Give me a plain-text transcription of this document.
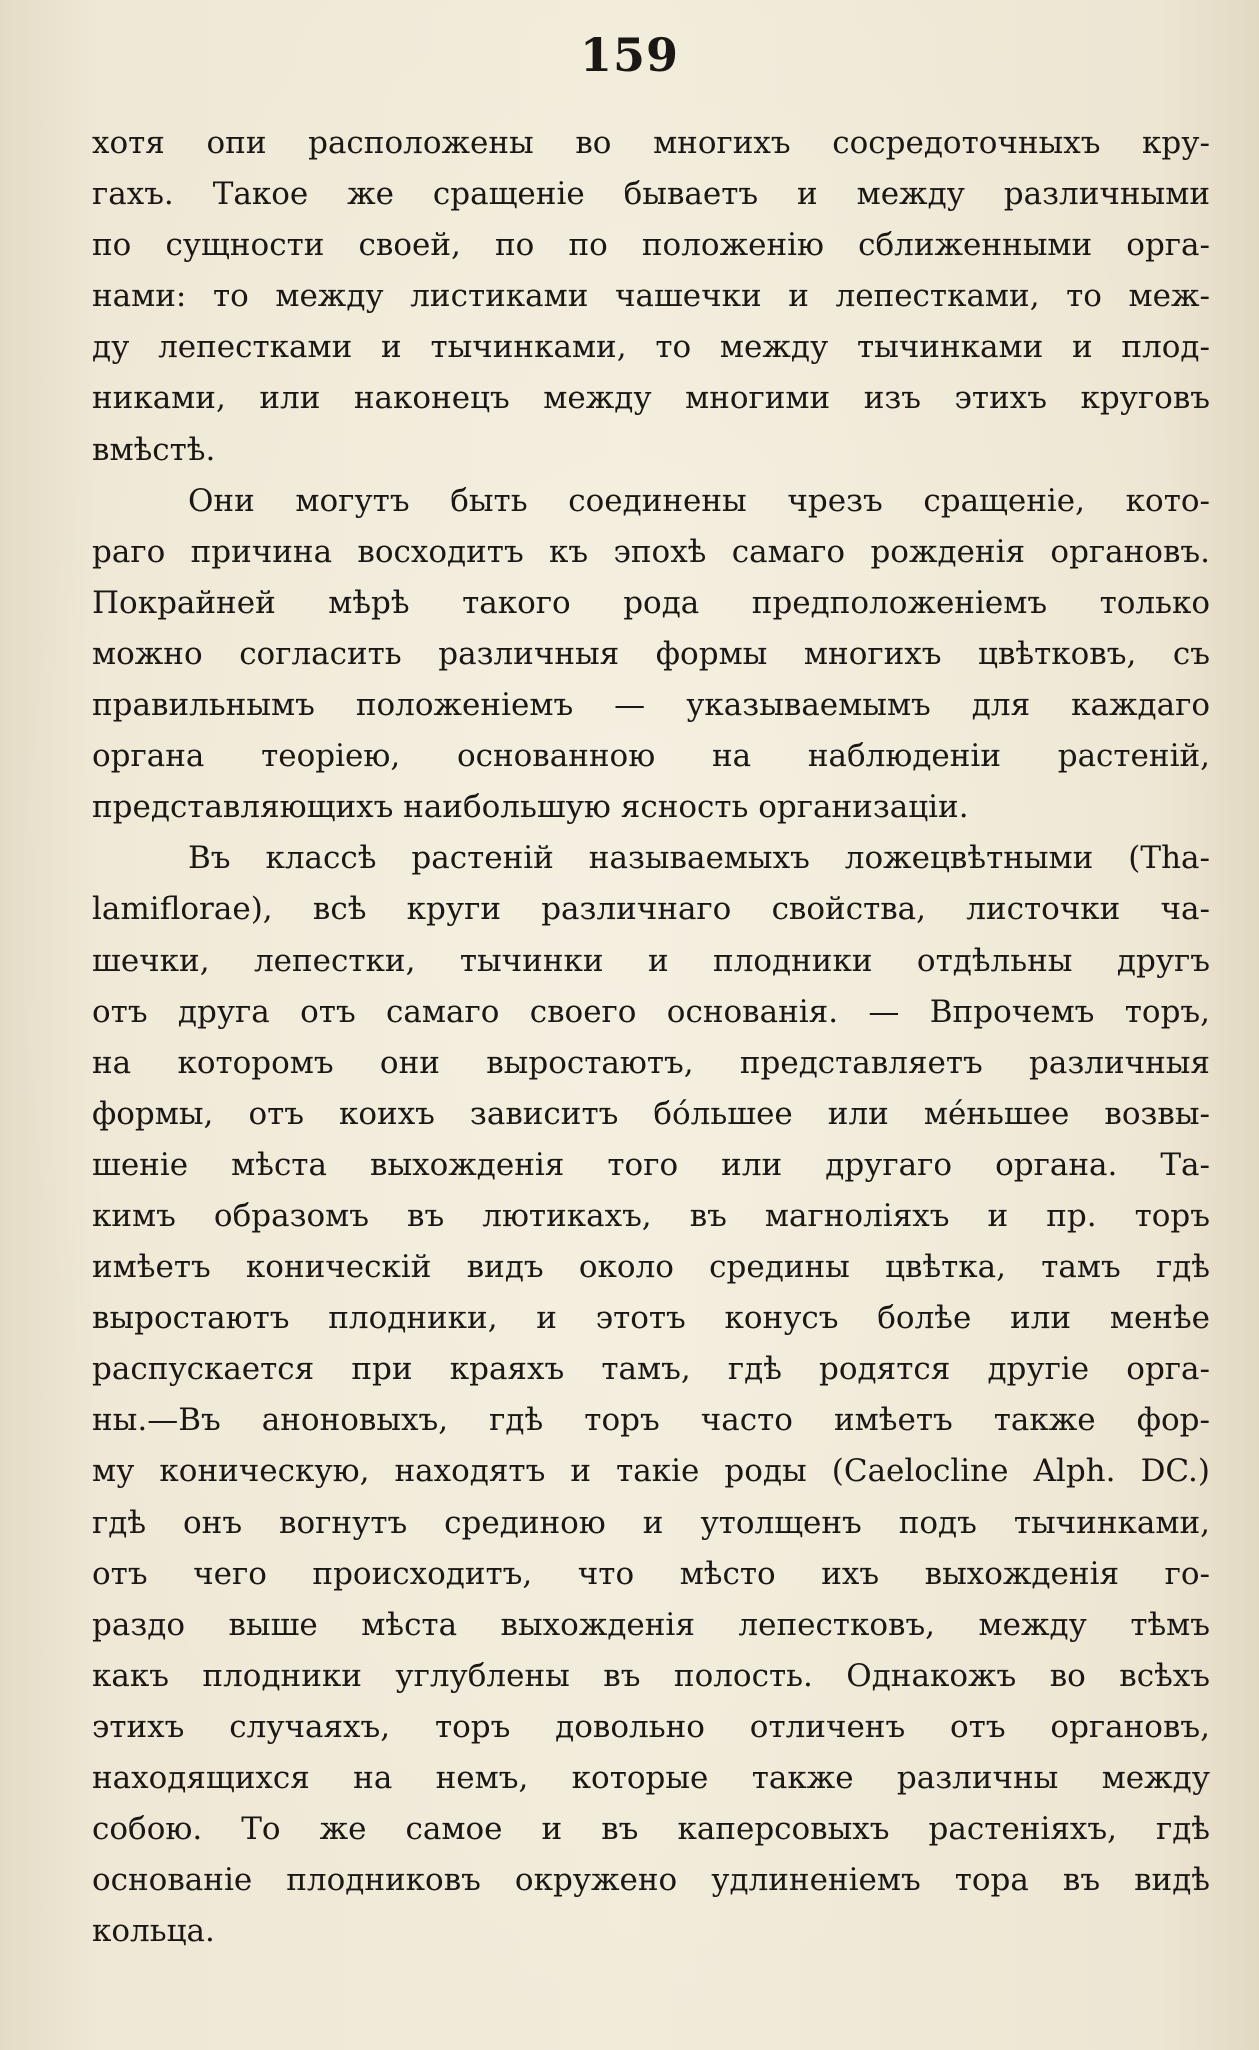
159
хотя опи расположены во многихъ сосредоточныхъ кру-
гахъ. Такое же сращеніе бываетъ и между различными
по сущности своей, по по положенію сближенными орга-
нами: то между листиками чашечки и лепестками, то меж-
ду лепестками и тычинками, то между тычинками и плод-
никами, или наконецъ между многими изъ этихъ круговъ
вмѣстѣ.
Они могутъ быть соединены чрезъ сращеніе, кото-
раго причина восходитъ къ эпохѣ самаго рожденія органовъ.
Покрайней мѣрѣ такого рода предположеніемъ только
можно согласить различныя формы многихъ цвѣтковъ, съ
правильнымъ положеніемъ — указываемымъ для каждаго
органа теоріею, основанною на наблюденіи растеній,
представляющихъ наибольшую ясность организаціи.
Въ классѣ растеній называемыхъ ложецвѣтными (Tha-
lamiflorae), всѣ круги различнаго свойства, листочки ча-
шечки, лепестки, тычинки и плодники отдѣльны другъ
отъ друга отъ самаго своего основанія. — Впрочемъ торъ,
на которомъ они выростаютъ, представляетъ различныя
формы, отъ коихъ зависитъ бо́льшее или ме́ньшее возвы-
шеніе мѣста выхожденія того или другаго органа. Та-
кимъ образомъ въ лютикахъ, въ магноліяхъ и пр. торъ
имѣетъ коническій видъ около средины цвѣтка, тамъ гдѣ
выростаютъ плодники, и этотъ конусъ болѣе или менѣе
распускается при краяхъ тамъ, гдѣ родятся другіе орга-
ны.—Въ аноновыхъ, гдѣ торъ часто имѣетъ также фор-
му коническую, находятъ и такіе роды (Caelocline Alph. DC.)
гдѣ онъ вогнутъ срединою и утолщенъ подъ тычинками,
отъ чего происходитъ, что мѣсто ихъ выхожденія го-
раздо выше мѣста выхожденія лепестковъ, между тѣмъ
какъ плодники углублены въ полость. Однакожъ во всѣхъ
этихъ случаяхъ, торъ довольно отличенъ отъ органовъ,
находящихся на немъ, которые также различны между
собою. То же самое и въ каперсовыхъ растеніяхъ, гдѣ
основаніе плодниковъ окружено удлиненіемъ тора въ видѣ
кольца.
